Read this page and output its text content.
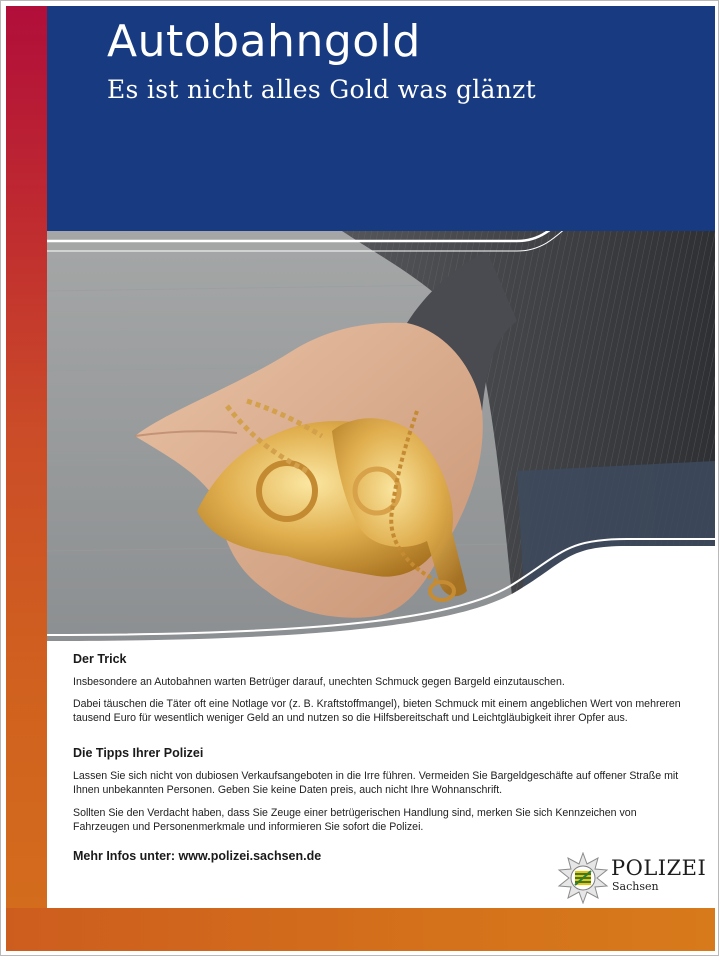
Autobahngold
Es ist nicht alles Gold was glänzt
Der Trick

Insbesondere an Autobahnen warten Betrüger darauf, unechten Schmuck gegen Bargeld einzutauschen.

Dabei täuschen die Täter oft eine Notlage vor (z. B. Kraftstoffmangel), bieten Schmuck mit einem angeblichen Wert von mehreren tausend Euro für wesentlich weniger Geld an und nutzen so die Hilfsbereitschaft und Leichtgläubigkeit ihrer Opfer aus.

Die Tipps Ihrer Polizei

Lassen Sie sich nicht von dubiosen Verkaufsangeboten in die Irre führen. Vermeiden Sie Bargeldgeschäfte auf offener Straße mit Ihnen unbekannten Personen. Geben Sie keine Daten preis, auch nicht Ihre Wohnanschrift.

Sollten Sie den Verdacht haben, dass Sie Zeuge einer betrügerischen Handlung sind, merken Sie sich Kennzeichen von Fahrzeugen und Personenmerkmale und informieren Sie sofort die Polizei.

Mehr Infos unter: www.polizei.sachsen.de	POLIZEI

Sachsen
